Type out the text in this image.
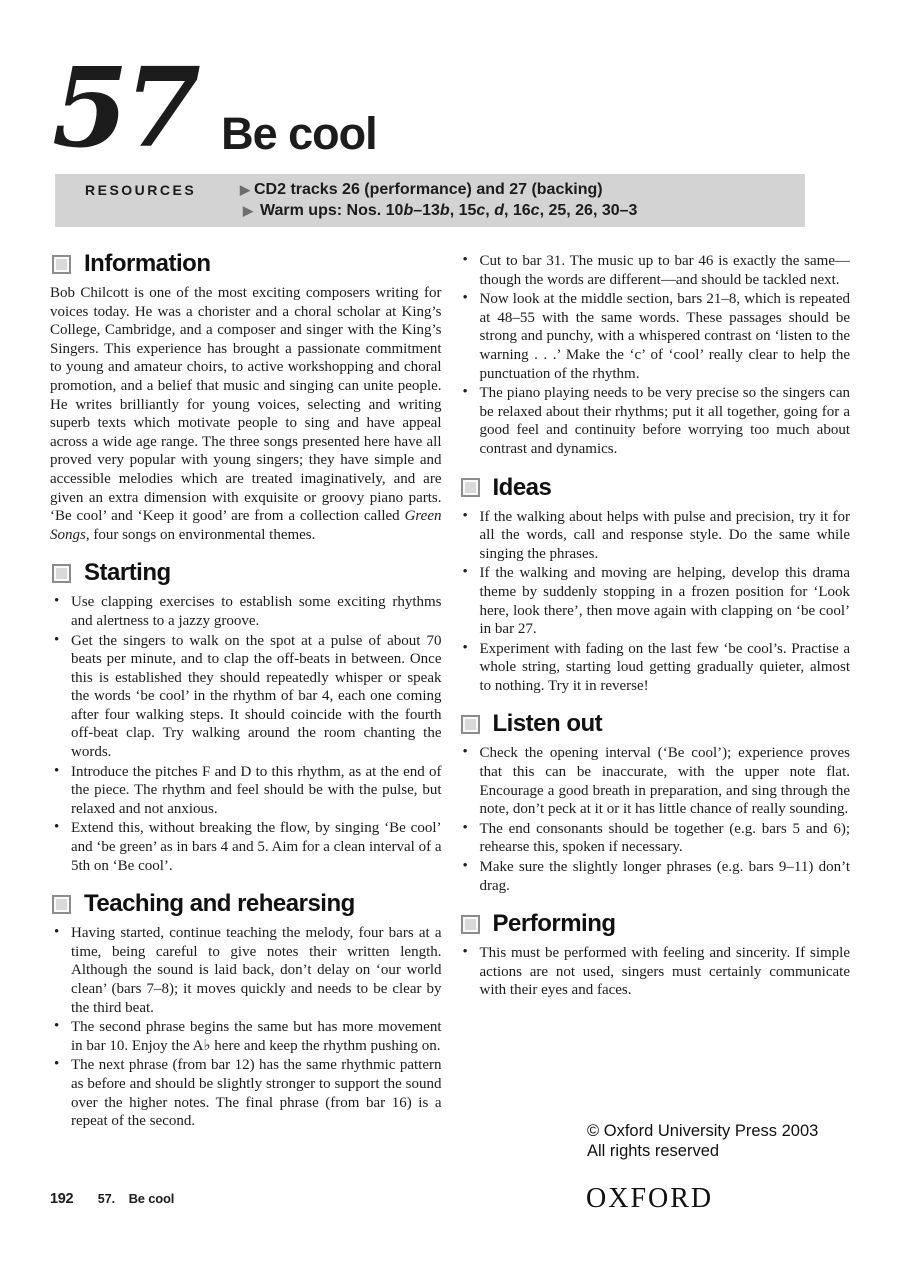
57 Be cool
RESOURCES	▶ CD2 tracks 26 (performance) and 27 (backing)
▶ Warm ups: Nos. 10b–13b, 15c, d, 16c, 25, 26, 30–3
Information

Bob Chilcott is one of the most exciting composers writing for voices today. He was a chorister and a choral scholar at King’s College, Cambridge, and a composer and singer with the King’s Singers. This experience has brought a passionate commitment to young and amateur choirs, to active workshopping and choral promotion, and a belief that music and singing can unite people. He writes brilliantly for young voices, selecting and writing superb texts which motivate people to sing and have appeal across a wide age range. The three songs presented here have all proved very popular with young singers; they have simple and accessible melodies which are treated imaginatively, and are given an extra dimension with exquisite or groovy piano parts. ‘Be cool’ and ‘Keep it good’ are from a collection called Green Songs, four songs on environmental themes.

Starting
• Use clapping exercises to establish some exciting rhythms and alertness to a jazzy groove.
• Get the singers to walk on the spot at a pulse of about 70 beats per minute, and to clap the off-beats in between. Once this is established they should repeatedly whisper or speak the words ‘be cool’ in the rhythm of bar 4, each one coming after four walking steps. It should coincide with the fourth off-beat clap. Try walking around the room chanting the words.
• Introduce the pitches F and D to this rhythm, as at the end of the piece. The rhythm and feel should be with the pulse, but relaxed and not anxious.
• Extend this, without breaking the flow, by singing ‘Be cool’ and ‘be green’ as in bars 4 and 5. Aim for a clean interval of a 5th on ‘Be cool’.
Teaching and rehearsing
• Having started, continue teaching the melody, four bars at a time, being careful to give notes their written length. Although the sound is laid back, don’t delay on ‘our world clean’ (bars 7–8); it moves quickly and needs to be clear by the third beat.
• The second phrase begins the same but has more movement in bar 10. Enjoy the A♭ here and keep the rhythm pushing on.
• The next phrase (from bar 12) has the same rhythmic pattern as before and should be slightly stronger to support the sound over the higher notes. The final phrase (from bar 16) is a repeat of the second.
• Cut to bar 31. The music up to bar 46 is exactly the same—though the words are different—and should be tackled next.
• Now look at the middle section, bars 21–8, which is repeated at 48–55 with the same words. These passages should be strong and punchy, with a whispered contrast on ‘listen to the warning . . .’ Make the ‘c’ of ‘cool’ really clear to help the punctuation of the rhythm.
• The piano playing needs to be very precise so the singers can be relaxed about their rhythms; put it all together, going for a good feel and continuity before worrying too much about contrast and dynamics.
Ideas
• If the walking about helps with pulse and precision, try it for all the words, call and response style. Do the same while singing the phrases.
• If the walking and moving are helping, develop this drama theme by suddenly stopping in a frozen position for ‘Look here, look there’, then move again with clapping on ‘be cool’ in bar 27.
• Experiment with fading on the last few ‘be cool’s. Practise a whole string, starting loud getting gradually quieter, almost to nothing. Try it in reverse!
Listen out
• Check the opening interval (‘Be cool’); experience proves that this can be inaccurate, with the upper note flat. Encourage a good breath in preparation, and sing through the note, don’t peck at it or it has little chance of really sounding.
• The end consonants should be together (e.g. bars 5 and 6); rehearse this, spoken if necessary.
• Make sure the slightly longer phrases (e.g. bars 9–11) don’t drag.
Performing
• This must be performed with feeling and sincerity. If simple actions are not used, singers must certainly communicate with their eyes and faces.
192 57. Be cool
© Oxford University Press 2003
All rights reserved
OXFORD
